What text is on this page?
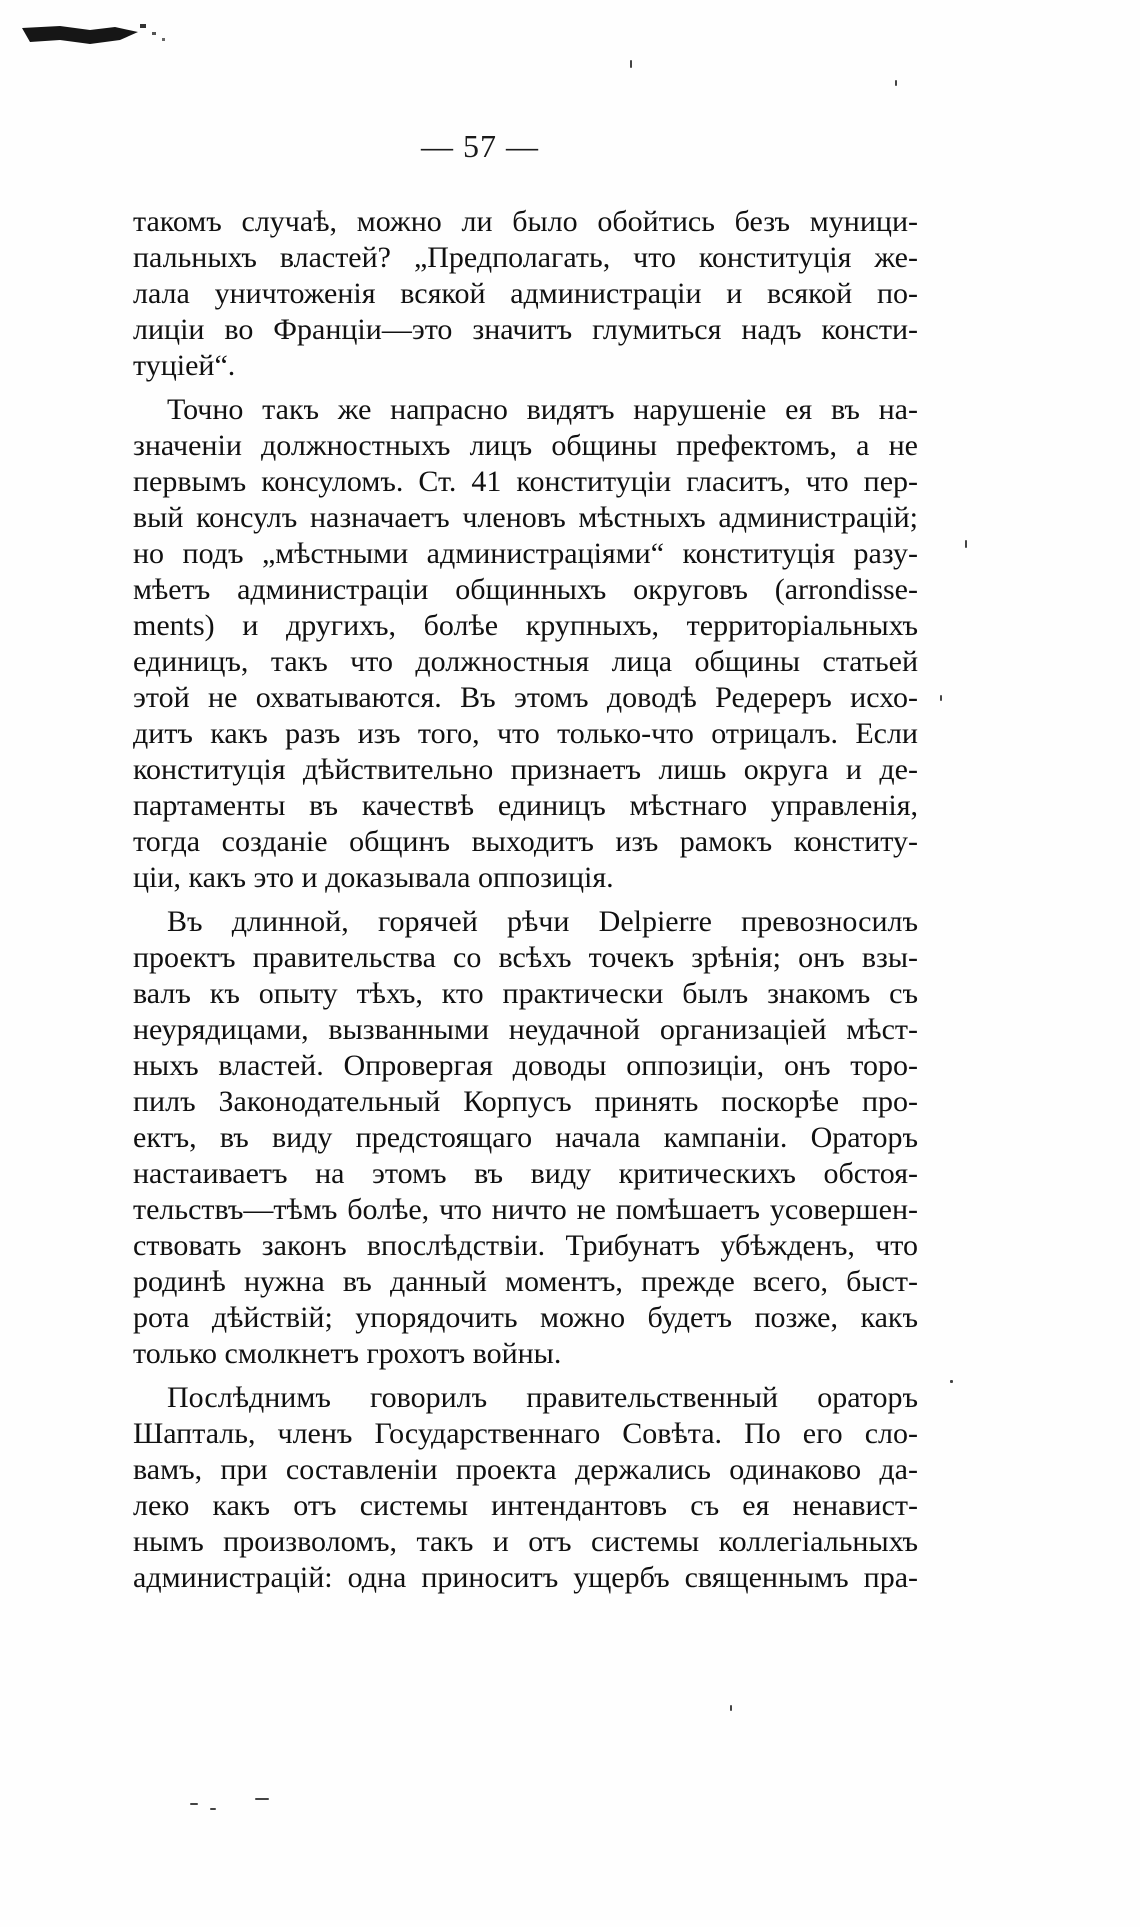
— 57 —
такомъ случаѣ, можно ли было обойтись безъ муници-
пальныхъ властей? „Предполагать, что конституція же-
лала уничтоженія всякой администраціи и всякой по-
лиціи во Франціи—это значитъ глумиться надъ консти-
туціей“.
Точно такъ же напрасно видятъ нарушеніе ея въ на-
значеніи должностныхъ лицъ общины префектомъ, а не
первымъ консуломъ. Ст. 41 конституціи гласитъ, что пер-
вый консулъ назначаетъ членовъ мѣстныхъ администрацій;
но подъ „мѣстными администраціями“ конституція разу-
мѣетъ администраціи общинныхъ округовъ (arrondisse-
ments) и другихъ, болѣе крупныхъ, территоріальныхъ
единицъ, такъ что должностныя лица общины статьей
этой не охватываются. Въ этомъ доводѣ Редереръ исхо-
дитъ какъ разъ изъ того, что только-что отрицалъ. Если
конституція дѣйствительно признаетъ лишь округа и де-
партаменты въ качествѣ единицъ мѣстнаго управленія,
тогда созданіе общинъ выходитъ изъ рамокъ конститу-
ціи, какъ это и доказывала оппозиція.
Въ длинной, горячей рѣчи Delpierre превозносилъ
проектъ правительства со всѣхъ точекъ зрѣнія; онъ взы-
валъ къ опыту тѣхъ, кто практически былъ знакомъ съ
неурядицами, вызванными неудачной организаціей мѣст-
ныхъ властей. Опровергая доводы оппозиціи, онъ торо-
пилъ Законодательный Корпусъ принять поскорѣе про-
ектъ, въ виду предстоящаго начала кампаніи. Ораторъ
настаиваетъ на этомъ въ виду критическихъ обстоя-
тельствъ—тѣмъ болѣе, что ничто не помѣшаетъ усовершен-
ствовать законъ впослѣдствіи. Трибунатъ убѣжденъ, что
родинѣ нужна въ данный моментъ, прежде всего, быст-
рота дѣйствій; упорядочить можно будетъ позже, какъ
только смолкнетъ грохотъ войны.
Послѣднимъ говорилъ правительственный ораторъ
Шапталь, членъ Государственнаго Совѣта. По его сло-
вамъ, при составленіи проекта держались одинаково да-
леко какъ отъ системы интендантовъ съ ея ненавист-
нымъ произволомъ, такъ и отъ системы коллегіальныхъ
администрацій: одна приноситъ ущербъ священнымъ пра-
